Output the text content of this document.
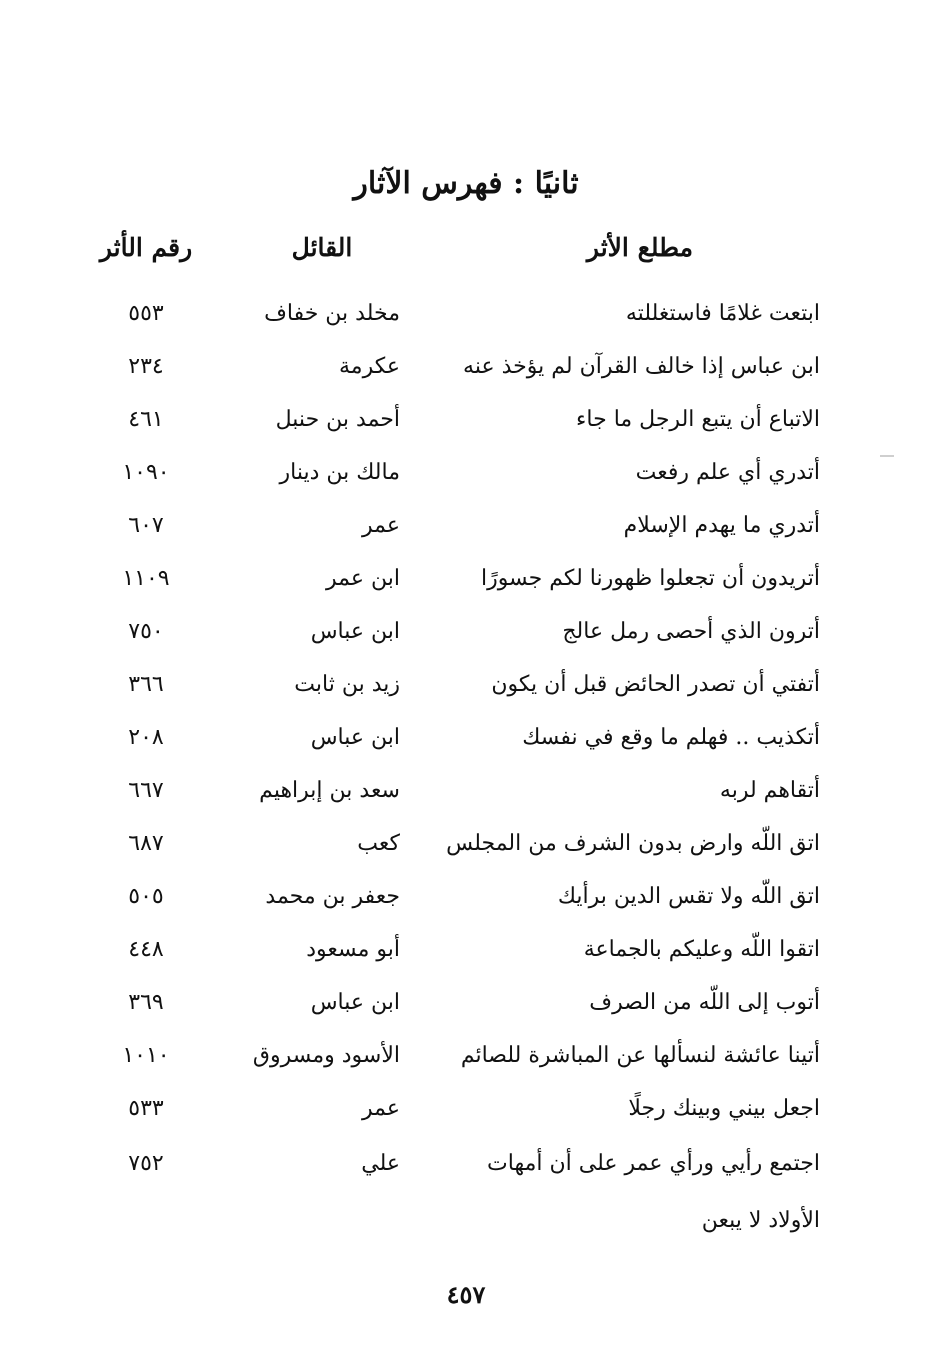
ثانيًا : فهرس الآثار
مطلع الأثر
القائل
رقم الأثر
ابتعت غلامًا فاستغللته
مخلد بن خفاف
٥٥٣
ابن عباس إذا خالف القرآن لم يؤخذ عنه
عكرمة
٢٣٤
الاتباع أن يتبع الرجل ما جاء
أحمد بن حنبل
٤٦١
أتدري أي علم رفعت
مالك بن دينار
١٠٩٠
أتدري ما يهدم الإسلام
عمر
٦٠٧
أتريدون أن تجعلوا ظهورنا لكم جسورًا
ابن عمر
١١٠٩
أترون الذي أحصى رمل عالج
ابن عباس
٧٥٠
أتفتي أن تصدر الحائض قبل أن يكون
زيد بن ثابت
٣٦٦
أتكذيب .. فهلم ما وقع في نفسك
ابن عباس
٢٠٨
أتقاهم لربه
سعد بن إبراهيم
٦٦٧
اتق اللّه وارض بدون الشرف من المجلس
كعب
٦٨٧
اتق اللّه ولا تقس الدين برأيك
جعفر بن محمد
٥٠٥
اتقوا اللّه وعليكم بالجماعة
أبو مسعود
٤٤٨
أتوب إلى اللّه من الصرف
ابن عباس
٣٦٩
أتينا عائشة لنسألها عن المباشرة للصائم
الأسود ومسروق
١٠١٠
اجعل بيني وبينك رجلًا
عمر
٥٣٣
اجتمع رأيي ورأي عمر على أن أمهات
علي
٧٥٢
الأولاد لا يبعن
٤٥٧
